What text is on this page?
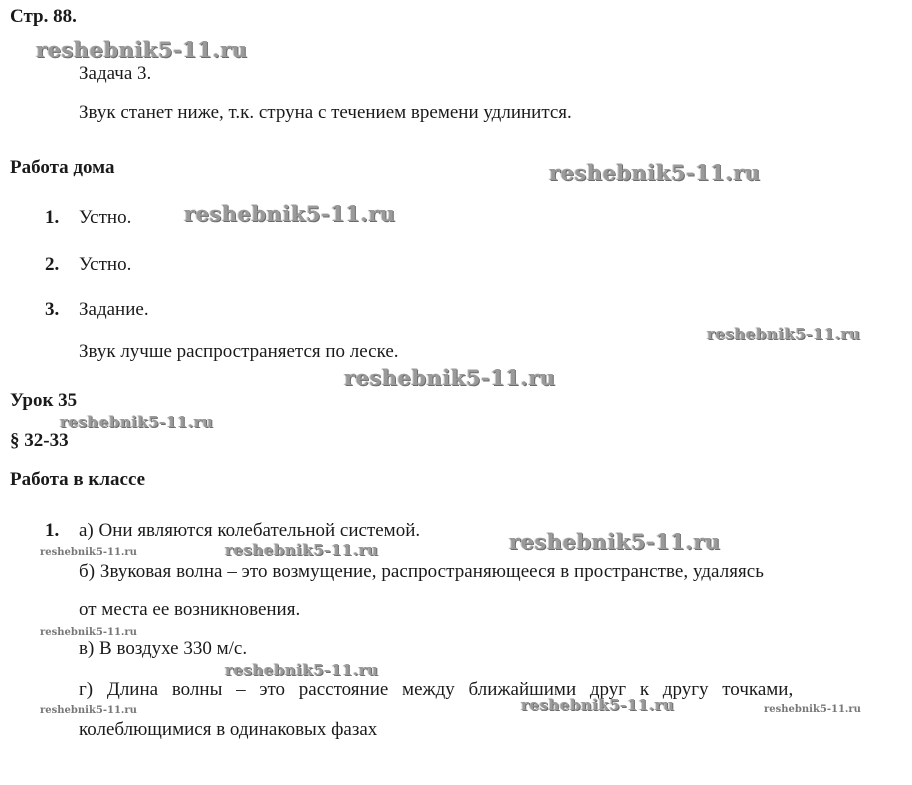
Стр. 88.
reshebnik5-11.ru
Задача 3.
Звук станет ниже, т.к. струна с течением времени удлинится.
Работа дома	reshebnik5-11.ru
1. Устно.	reshebnik5-11.ru
2. Устно.
3. Задание.
reshebnik5-11.ru
Звук лучше распространяется по леске.
reshebnik5-11.ru
Урок 35
reshebnik5-11.ru
§ 32-33
Работа в классе
1. а) Они являются колебательной системой.	reshebnik5-11.ru
reshebnik5-11.ru	reshebnik5-11.ru
б) Звуковая волна – это возмущение, распространяющееся в пространстве, удаляясь
от места ее возникновения.
reshebnik5-11.ru
в) В воздухе 330 м/с.
reshebnik5-11.ru
г) Длина волны – это расстояние между ближайшими друг к другу точками,
reshebnik5-11.ru	reshebnik5-11.ru	reshebnik5-11.ru
колеблющимися в одинаковых фазах
